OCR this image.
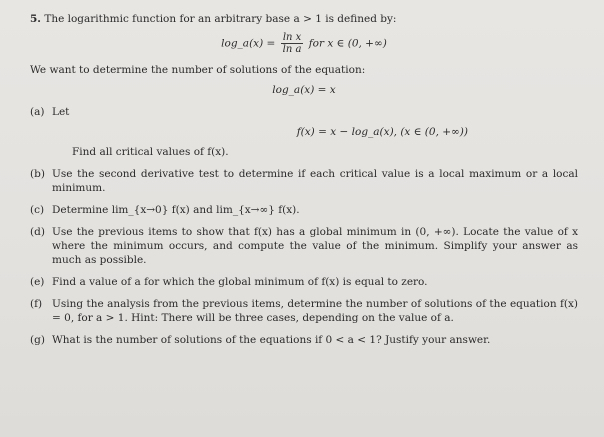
5. The logarithmic function for an arbitrary base a > 1 is defined by:
log_a(x) = $\frac{\text{ln x}}{\text{ln a}}$ for x ∈ (0, +∞)
We want to determine the number of solutions of the equation:
log_a(x) = x
(a) Let
f(x) = x − log_a(x), (x ∈ (0, +∞))
Find all critical values of f(x).
(b) Use the second derivative test to determine if each critical value is a local maximum or a local minimum.
(c) Determine lim_{x→0} f(x) and lim_{x→∞} f(x).
(d) Use the previous items to show that f(x) has a global minimum in (0, +∞). Locate the value of x where the minimum occurs, and compute the value of the minimum. Simplify your answer as much as possible.
(e) Find a value of a for which the global minimum of f(x) is equal to zero.
(f) Using the analysis from the previous items, determine the number of solutions of the equation f(x) = 0, for a > 1. Hint: There will be three cases, depending on the value of a.
(g) What is the number of solutions of the equations if 0 < a < 1? Justify your answer.
